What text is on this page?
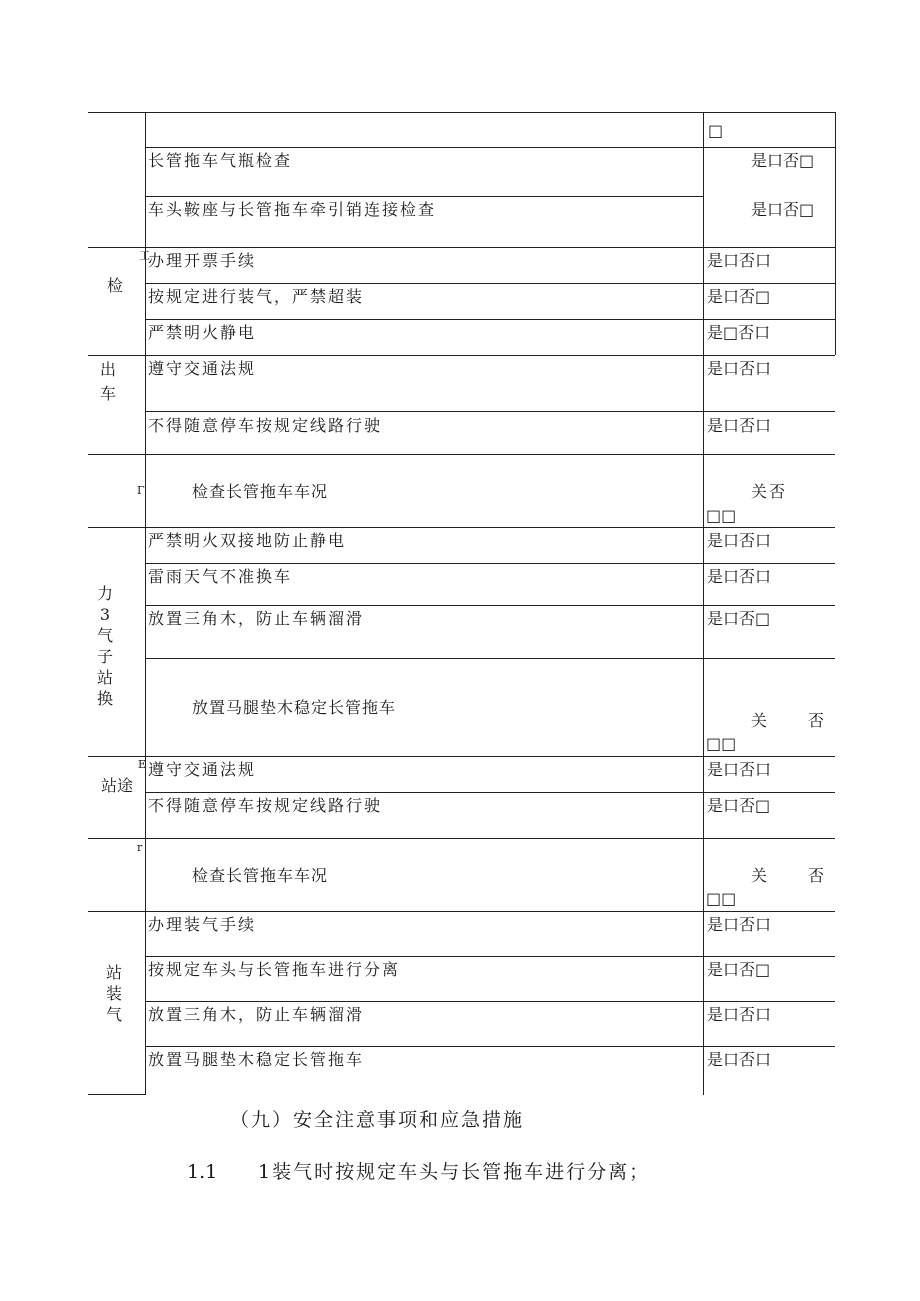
工
检
出
车
Γ
力
3
气
子
站
换
E
站途
r
站
装
气
长管拖车气瓶检查
车头鞍座与长管拖车牵引销连接检查
办理开票手续
按规定进行装气，严禁超装
严禁明火静电
遵守交通法规
不得随意停车按规定线路行驶
检查长管拖车车况
严禁明火双接地防止静电
雷雨天气不准换车
放置三角木，防止车辆溜滑
放置马腿垫木稳定长管拖车
遵守交通法规
不得随意停车按规定线路行驶
检查长管拖车车况
办理装气手续
按规定车头与长管拖车进行分离
放置三角木，防止车辆溜滑
放置马腿垫木稳定长管拖车
□
是口否□
是口否□
是口否口
是口否□
是□否口
是口否口
是口否口
关否
□□
是口否口
是口否口
是口否□
关	否
□□
是口否口
是口否□
关	否
□□
是口否口
是口否□
是口否口
是口否口
（九）安全注意事项和应急措施
1.1 1装气时按规定车头与长管拖车进行分离；
